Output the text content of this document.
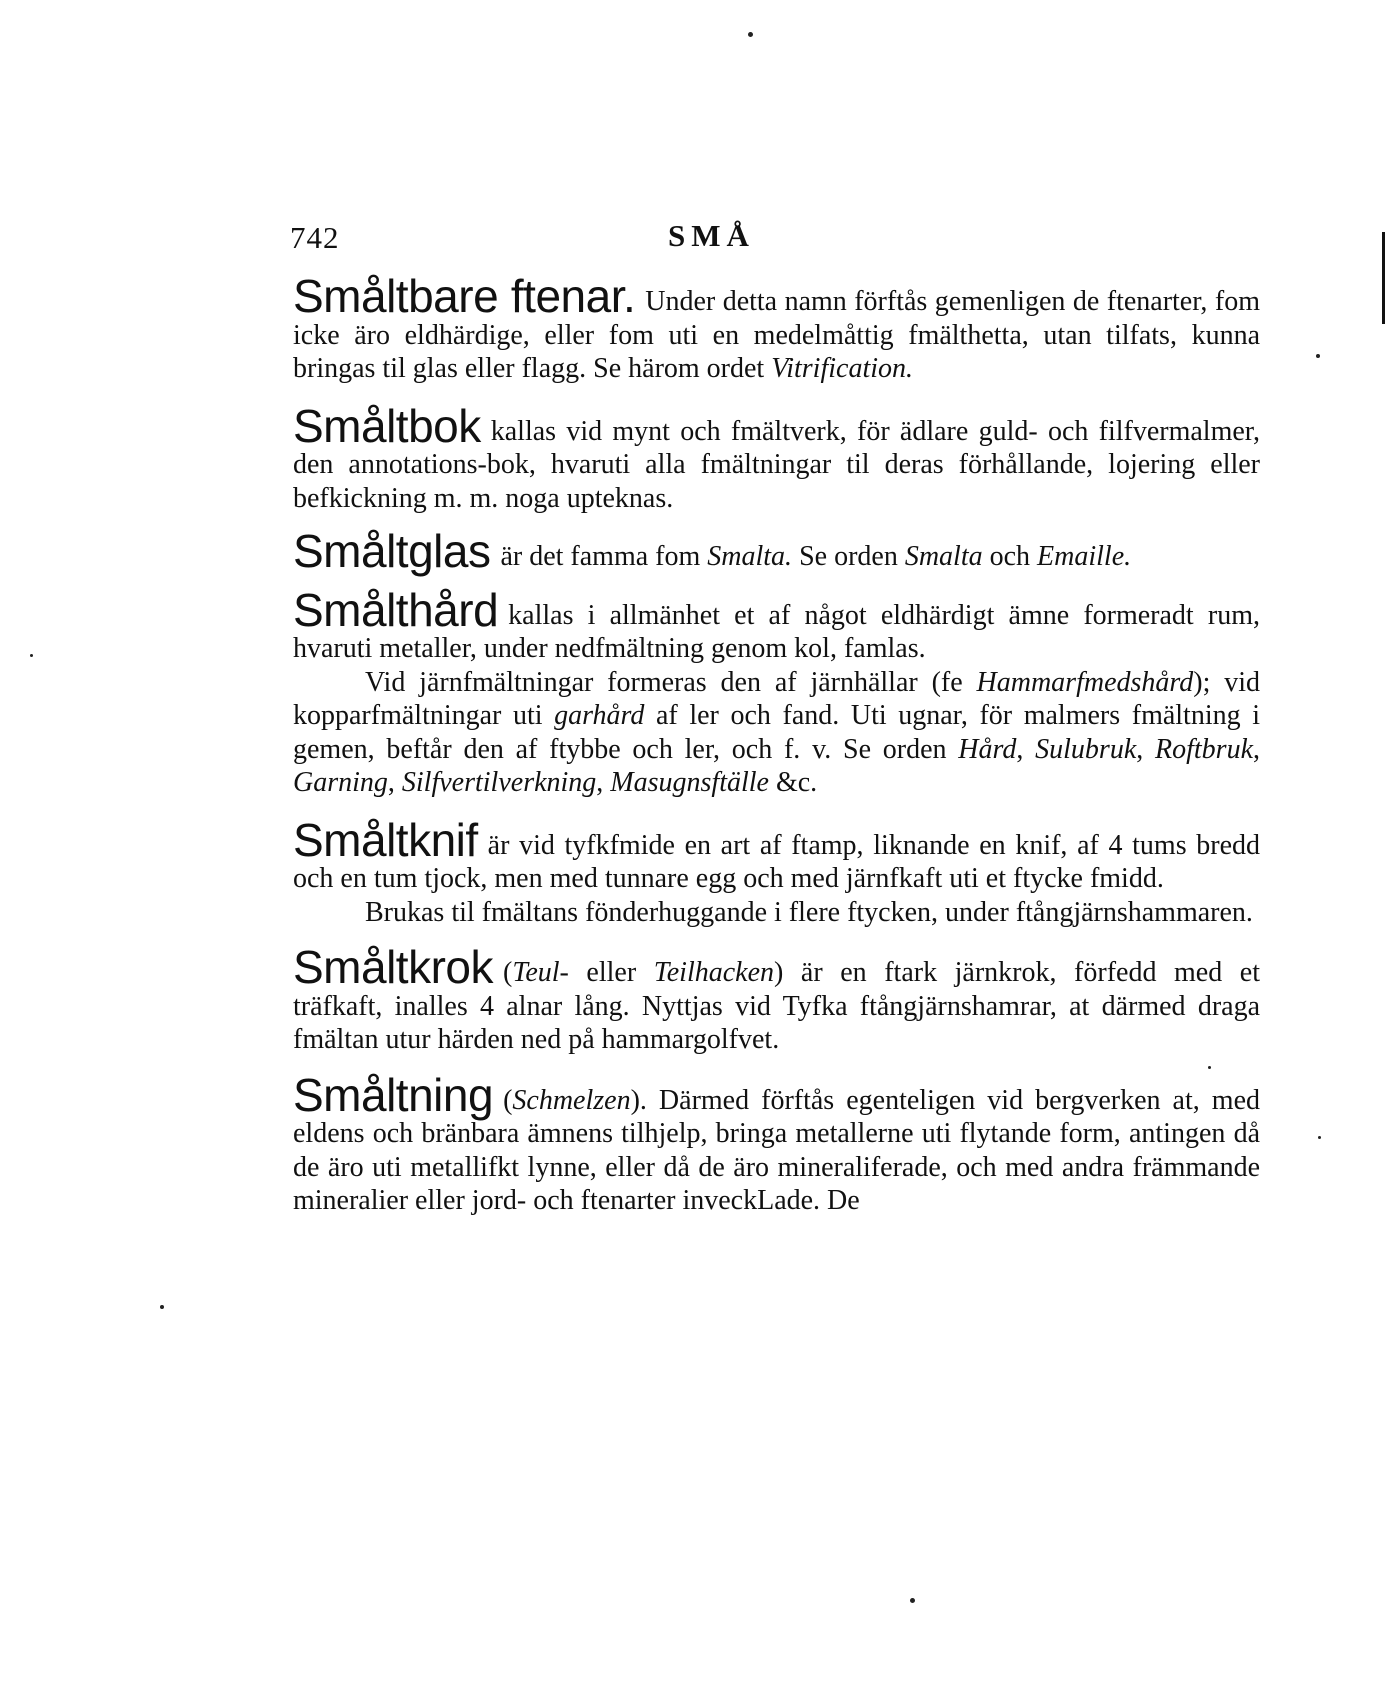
742	SMÅ

Småltbare ftenar. Under detta namn förftås gemenligen de ftenarter, fom icke äro eldhärdige, eller fom uti en medelmåttig fmälthetta, utan tilfats, kunna bringas til glas eller flagg. Se härom ordet Vitrification.

Småltbok kallas vid mynt och fmältverk, för ädlare guld- och filfvermalmer, den annotations-bok, hvaruti alla fmältningar til deras förhållande, lojering eller befkickning m. m. noga upteknas.

Småltglas är det famma fom Smalta. Se orden Smalta och Emaille.

Smålthård kallas i allmänhet et af något eldhärdigt ämne formeradt rum, hvaruti metaller, under nedfmältning genom kol, famlas.

Vid järnfmältningar formeras den af järnhällar (fe Hammarfmedshård); vid kopparfmältningar uti garhård af ler och fand. Uti ugnar, för malmers fmältning i gemen, beftår den af ftybbe och ler, och f. v. Se orden Hård, Sulubruk, Roftbruk, Garning, Silfvertilverkning, Masugnsftälle &c.

Småltknif är vid tyfkfmide en art af ftamp, liknande en knif, af 4 tums bredd och en tum tjock, men med tunnare egg och med järnfkaft uti et ftycke fmidd.

Brukas til fmältans fönderhuggande i flere ftycken, under ftångjärnshammaren.

Småltkrok (Teul- eller Teilhacken) är en ftark järnkrok, förfedd med et träfkaft, inalles 4 alnar lång. Nyttjas vid Tyfka ftångjärnshamrar, at därmed draga fmältan utur härden ned på hammargolfvet.

Småltning (Schmelzen). Därmed förftås egenteligen vid bergverken at, med eldens och bränbara ämnens tilhjelp, bringa metallerne uti flytande form, antingen då de äro uti metallifkt lynne, eller då de äro mineraliferade, och med andra främmande mineralier eller jord- och ftenarter inveckLade. De
